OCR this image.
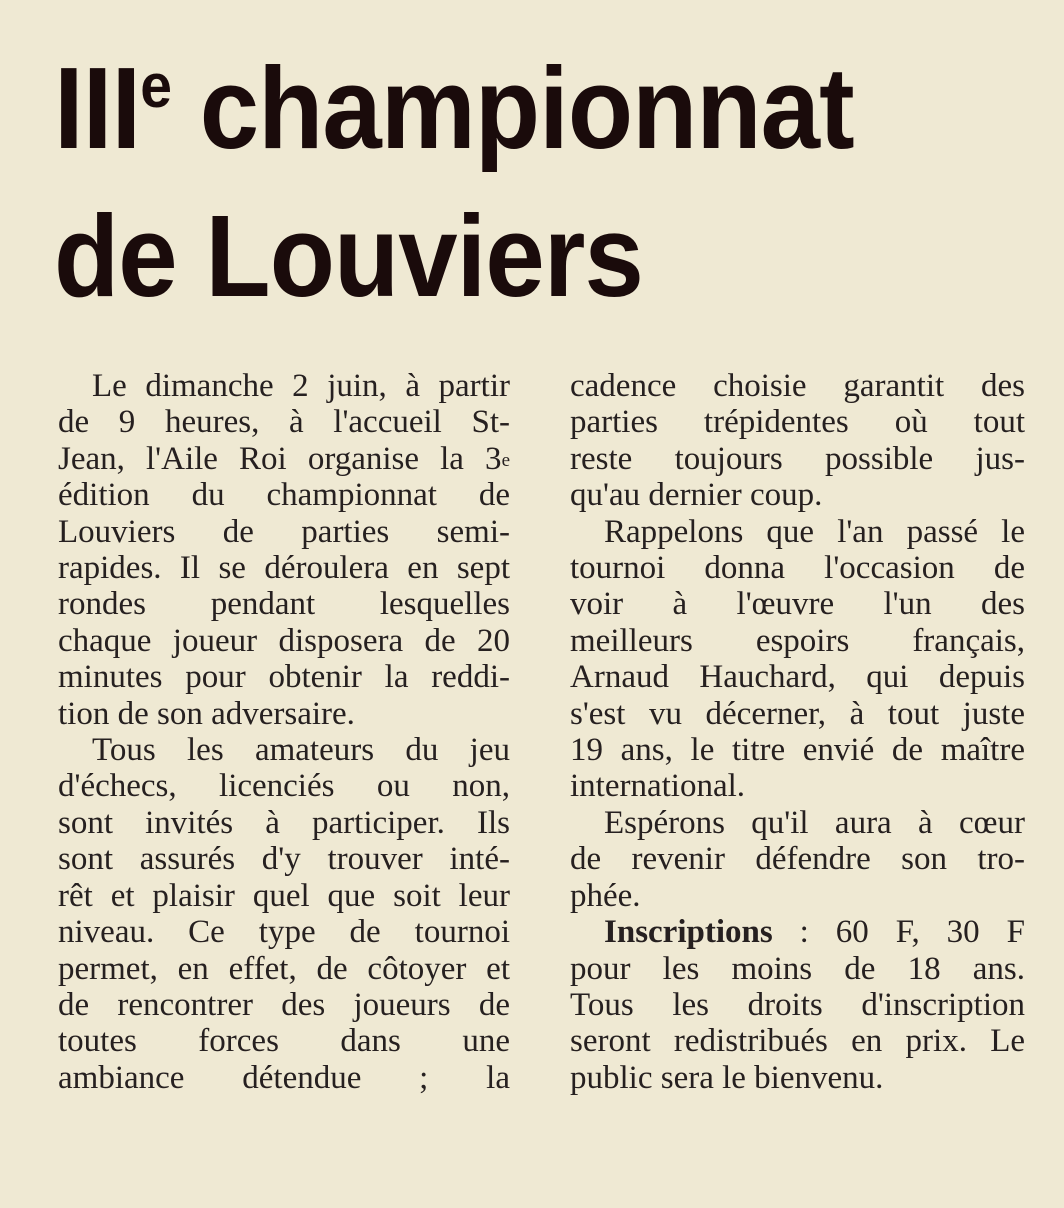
IIIe championnat
de Louviers
Le dimanche 2 juin, à partir
de 9 heures, à l'accueil St-
Jean, l'Aile Roi organise la 3e
édition du championnat de
Louviers de parties semi-
rapides. Il se déroulera en sept
rondes pendant lesquelles
chaque joueur disposera de 20
minutes pour obtenir la reddi-
tion de son adversaire.
Tous les amateurs du jeu
d'échecs, licenciés ou non,
sont invités à participer. Ils
sont assurés d'y trouver inté-
rêt et plaisir quel que soit leur
niveau. Ce type de tournoi
permet, en effet, de côtoyer et
de rencontrer des joueurs de
toutes forces dans une
ambiance détendue ; la
cadence choisie garantit des
parties trépidentes où tout
reste toujours possible jus-
qu'au dernier coup.
Rappelons que l'an passé le
tournoi donna l'occasion de
voir à l'œuvre l'un des
meilleurs espoirs français,
Arnaud Hauchard, qui depuis
s'est vu décerner, à tout juste
19 ans, le titre envié de maître
international.
Espérons qu'il aura à cœur
de revenir défendre son tro-
phée.
Inscriptions : 60 F, 30 F
pour les moins de 18 ans.
Tous les droits d'inscription
seront redistribués en prix. Le
public sera le bienvenu.
